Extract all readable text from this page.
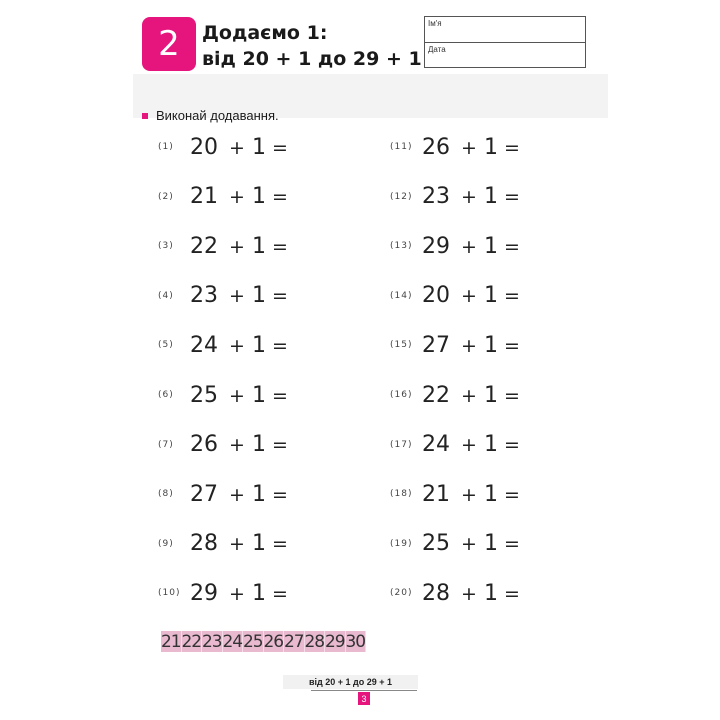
2	Додаємо 1:
від 20 + 1 до 29 + 1
Ім'я
Дата
Виконай додавання.
(1) 20 + 1 =
(2) 21 + 1 =
(3) 22 + 1 =
(4) 23 + 1 =
(5) 24 + 1 =
(6) 25 + 1 =
(7) 26 + 1 =
(8) 27 + 1 =
(9) 28 + 1 =
(10) 29 + 1 =
(11) 26 + 1 =
(12) 23 + 1 =
(13) 29 + 1 =
(14) 20 + 1 =
(15) 27 + 1 =
(16) 22 + 1 =
(17) 24 + 1 =
(18) 21 + 1 =
(19) 25 + 1 =
(20) 28 + 1 =
21 22 23 24 25 26 27 28 29 30
від 20 + 1 до 29 + 1
3
